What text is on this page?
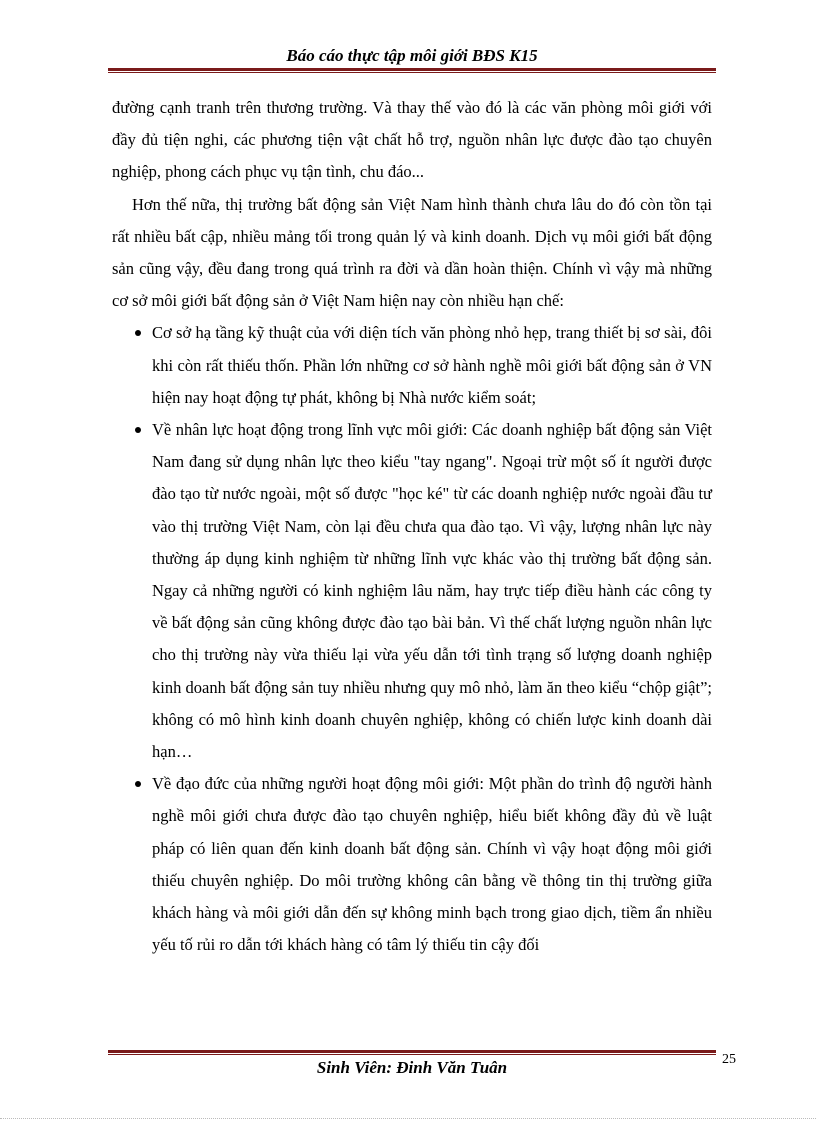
Báo cáo thực tập môi giới BĐS K15

đường cạnh tranh trên thương trường. Và thay thế vào đó là các văn phòng môi giới với đầy đủ tiện nghi, các phương tiện vật chất hỗ trợ, nguồn nhân lực được đào tạo chuyên nghiệp, phong cách phục vụ tận tình, chu đáo...

Hơn thế nữa, thị trường bất động sản Việt Nam hình thành chưa lâu do đó còn tồn tại rất nhiều bất cập, nhiều mảng tối trong quản lý và kinh doanh. Dịch vụ môi giới bất động sản cũng vậy, đều đang trong quá trình ra đời và dần hoàn thiện. Chính vì vậy mà những cơ sở môi giới bất động sản ở Việt Nam hiện nay còn nhiều hạn chế:

Cơ sở hạ tầng kỹ thuật của với diện tích văn phòng nhỏ hẹp, trang thiết bị sơ sài, đôi khi còn rất thiếu thốn. Phần lớn những cơ sở hành nghề môi giới bất động sản ở VN hiện nay hoạt động tự phát, không bị Nhà nước kiểm soát;

Về nhân lực hoạt động trong lĩnh vực môi giới: Các doanh nghiệp bất động sản Việt Nam đang sử dụng nhân lực theo kiểu "tay ngang". Ngoại trừ một số ít người được đào tạo từ nước ngoài, một số được "học ké" từ các doanh nghiệp nước ngoài đầu tư vào thị trường Việt Nam, còn lại đều chưa qua đào tạo. Vì vậy, lượng nhân lực này thường áp dụng kinh nghiệm từ những lĩnh vực khác vào thị trường bất động sản. Ngay cả những người có kinh nghiệm lâu năm, hay trực tiếp điều hành các công ty về bất động sản cũng không được đào tạo bài bản. Vì thế chất lượng nguồn nhân lực cho thị trường này vừa thiếu lại vừa yếu dẫn tới tình trạng số lượng doanh nghiệp kinh doanh bất động sản tuy nhiều nhưng quy mô nhỏ, làm ăn theo kiểu “chộp giật”; không có mô hình kinh doanh chuyên nghiệp, không có chiến lược kinh doanh dài hạn…

Về đạo đức của những người hoạt động môi giới: Một phần do trình độ người hành nghề môi giới chưa được đào tạo chuyên nghiệp, hiểu biết không đầy đủ về luật pháp có liên quan đến kinh doanh bất động sản. Chính vì vậy hoạt động môi giới thiếu chuyên nghiệp. Do môi trường không cân bằng về thông tin thị trường giữa khách hàng và môi giới dẫn đến sự không minh bạch trong giao dịch, tiềm ẩn nhiều yếu tố rủi ro dẫn tới khách hàng có tâm lý thiếu tin cậy đối

25
Sinh Viên: Đinh Văn Tuân
